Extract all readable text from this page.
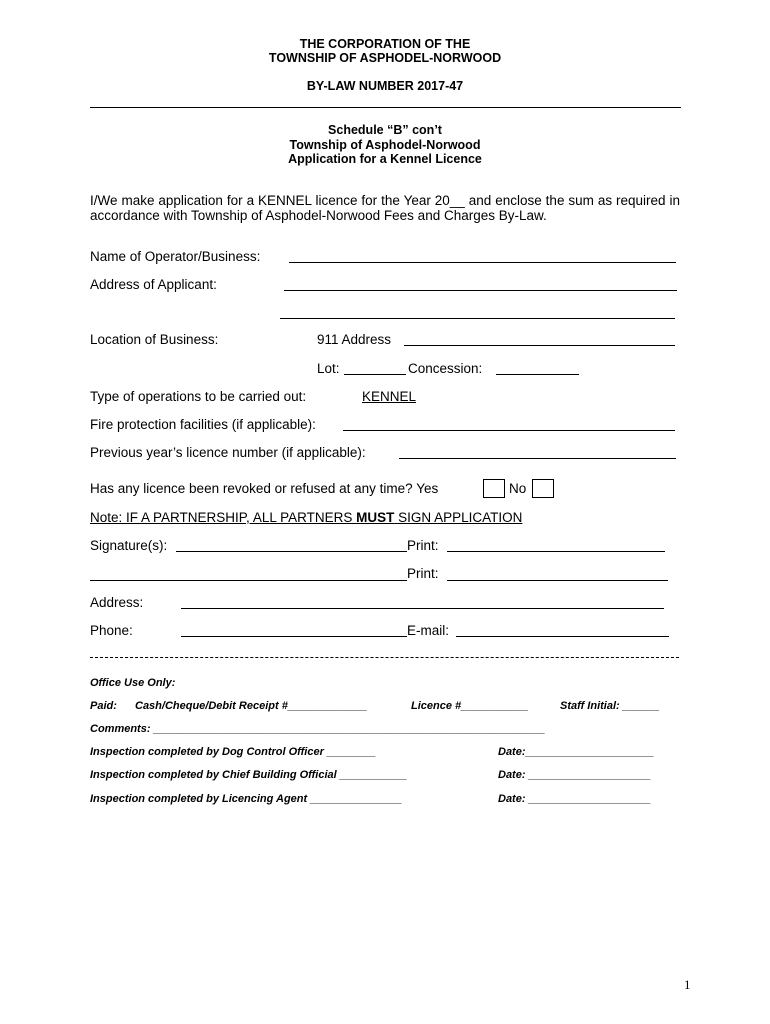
THE CORPORATION OF THE
TOWNSHIP OF ASPHODEL-NORWOOD
BY-LAW NUMBER 2017-47
Schedule “B” con’t
Township of Asphodel-Norwood
Application for a Kennel Licence
I/We make application for a KENNEL licence for the Year 20__ and enclose the sum as required in accordance with Township of Asphodel-Norwood Fees and Charges By-Law.
Name of Operator/Business:
Address of Applicant:
Location of Business:	911 Address
Lot:	Concession:
Type of operations to be carried out:	KENNEL
Fire protection facilities (if applicable):
Previous year’s licence number (if applicable):
Has any licence been revoked or refused at any time? Yes	No
Note: IF A PARTNERSHIP, ALL PARTNERS MUST SIGN APPLICATION
Signature(s):	Print:
Print:
Address:
Phone:	E-mail:
Office Use Only:
Paid: Cash/Cheque/Debit Receipt #_____________	Licence #___________	Staff Initial: ______
Comments: ________________________________________________________________
Inspection completed by Dog Control Officer ________	Date:_____________________
Inspection completed by Chief Building Official ___________	Date: ____________________
Inspection completed by Licencing Agent _______________	Date: ____________________
1
